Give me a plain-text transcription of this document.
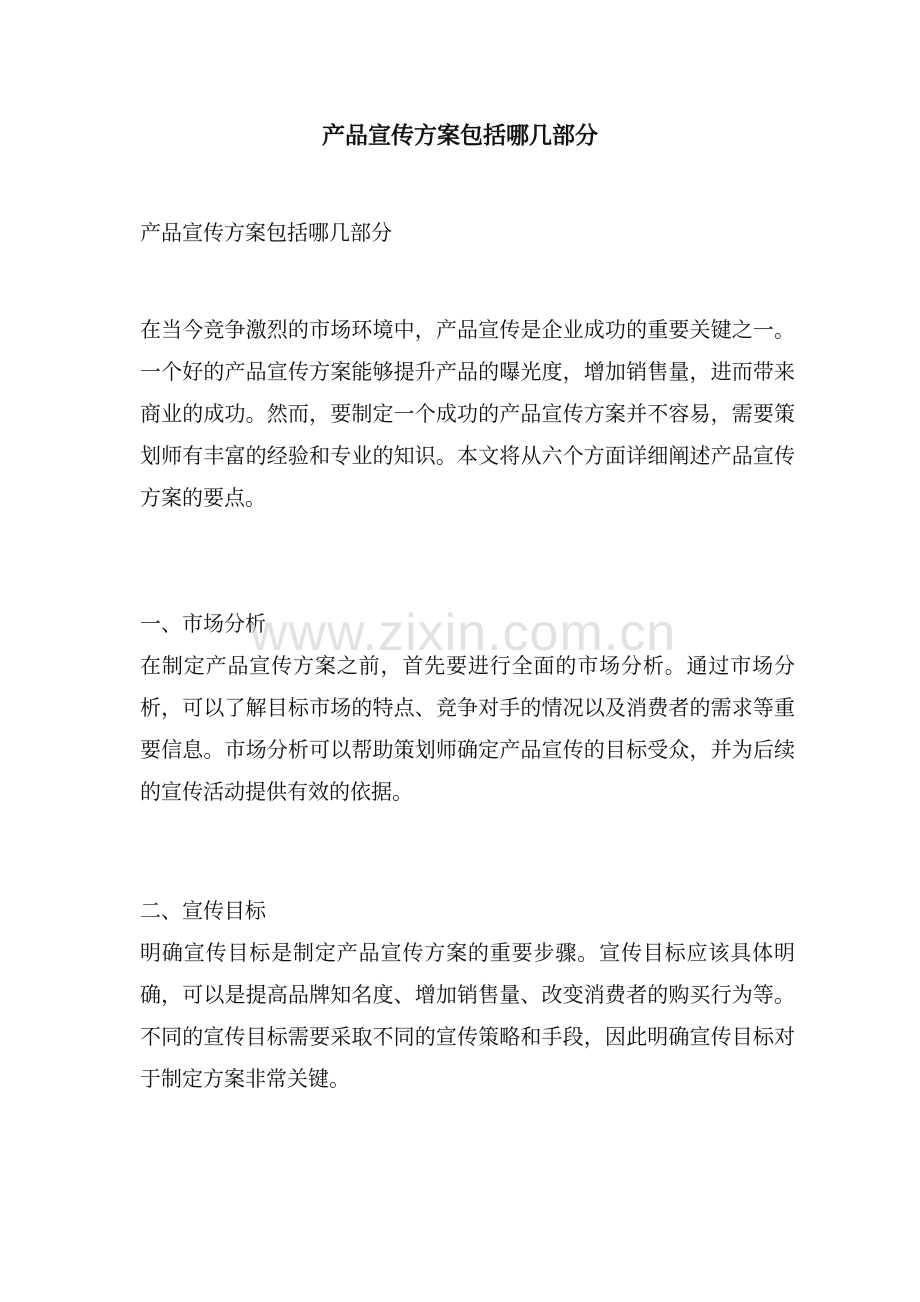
产品宣传方案包括哪几部分

产品宣传方案包括哪几部分

在当今竞争激烈的市场环境中，产品宣传是企业成功的重要关键之一。一个好的产品宣传方案能够提升产品的曝光度，增加销售量，进而带来商业的成功。然而，要制定一个成功的产品宣传方案并不容易，需要策划师有丰富的经验和专业的知识。本文将从六个方面详细阐述产品宣传方案的要点。

一、市场分析

在制定产品宣传方案之前，首先要进行全面的市场分析。通过市场分析，可以了解目标市场的特点、竞争对手的情况以及消费者的需求等重要信息。市场分析可以帮助策划师确定产品宣传的目标受众，并为后续的宣传活动提供有效的依据。

二、宣传目标

明确宣传目标是制定产品宣传方案的重要步骤。宣传目标应该具体明确，可以是提高品牌知名度、增加销售量、改变消费者的购买行为等。不同的宣传目标需要采取不同的宣传策略和手段，因此明确宣传目标对于制定方案非常关键。

www.zixin.com.cn
